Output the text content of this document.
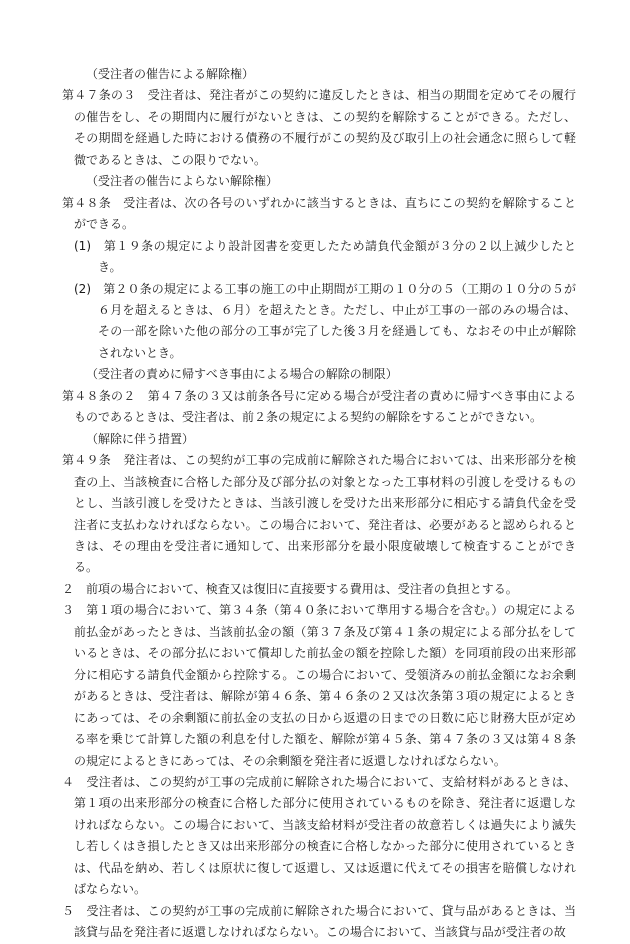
（受注者の催告による解除権）

第４７条の３　受注者は、発注者がこの契約に違反したときは、相当の期間を定めてその履行の催告をし、その期間内に履行がないときは、この契約を解除することができる。ただし、その期間を経過した時における債務の不履行がこの契約及び取引上の社会通念に照らして軽微であるときは、この限りでない。

（受注者の催告によらない解除権）

第４８条　受注者は、次の各号のいずれかに該当するときは、直ちにこの契約を解除することができる。

(1)　第１９条の規定により設計図書を変更したため請負代金額が３分の２以上減少したとき。

(2)　第２０条の規定による工事の施工の中止期間が工期の１０分の５（工期の１０分の５が６月を超えるときは、６月）を超えたとき。ただし、中止が工事の一部のみの場合は、その一部を除いた他の部分の工事が完了した後３月を経過しても、なおその中止が解除されないとき。

（受注者の責めに帰すべき事由による場合の解除の制限）

第４８条の２　第４７条の３又は前条各号に定める場合が受注者の責めに帰すべき事由によるものであるときは、受注者は、前２条の規定による契約の解除をすることができない。

（解除に伴う措置）

第４９条　発注者は、この契約が工事の完成前に解除された場合においては、出来形部分を検査の上、当該検査に合格した部分及び部分払の対象となった工事材料の引渡しを受けるものとし、当該引渡しを受けたときは、当該引渡しを受けた出来形部分に相応する請負代金を受注者に支払わなければならない。この場合において、発注者は、必要があると認められるときは、その理由を受注者に通知して、出来形部分を最小限度破壊して検査することができる。

２　前項の場合において、検査又は復旧に直接要する費用は、受注者の負担とする。

３　第１項の場合において、第３４条（第４０条において準用する場合を含む。）の規定による前払金があったときは、当該前払金の額（第３７条及び第４１条の規定による部分払をしているときは、その部分払において償却した前払金の額を控除した額）を同項前段の出来形部分に相応する請負代金額から控除する。この場合において、受領済みの前払金額になお余剰があるときは、受注者は、解除が第４６条、第４６条の２又は次条第３項の規定によるときにあっては、その余剰額に前払金の支払の日から返還の日までの日数に応じ財務大臣が定める率を乗じて計算した額の利息を付した額を、解除が第４５条、第４７条の３又は第４８条の規定によるときにあっては、その余剰額を発注者に返還しなければならない。

４　受注者は、この契約が工事の完成前に解除された場合において、支給材料があるときは、第１項の出来形部分の検査に合格した部分に使用されているものを除き、発注者に返還しなければならない。この場合において、当該支給材料が受注者の故意若しくは過失により滅失し若しくはき損したとき又は出来形部分の検査に合格しなかった部分に使用されているときは、代品を納め、若しくは原状に復して返還し、又は返還に代えてその損害を賠償しなければならない。

５　受注者は、この契約が工事の完成前に解除された場合において、貸与品があるときは、当該貸与品を発注者に返還しなければならない。この場合において、当該貸与品が受注者の故
